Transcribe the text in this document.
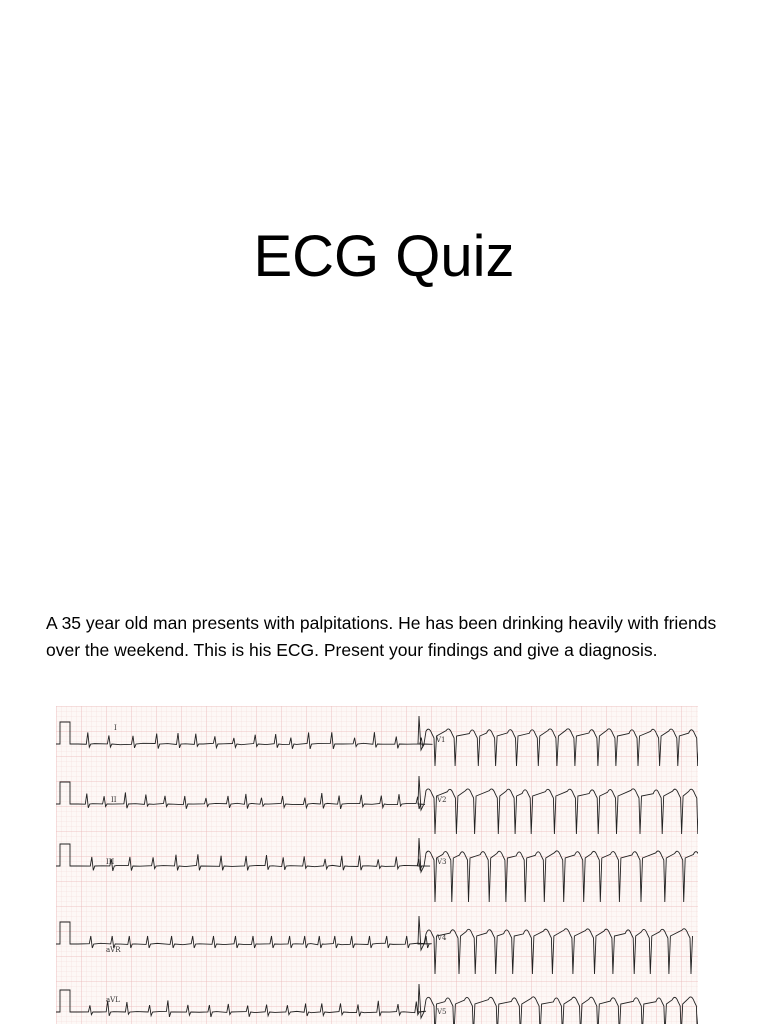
ECG Quiz
A 35 year old man presents with palpitations. He has been drinking heavily with friends over the weekend. This is his ECG. Present your findings and give a diagnosis.
I
II
III
aVR
aVL
V1
V2
V3
V4
V5
